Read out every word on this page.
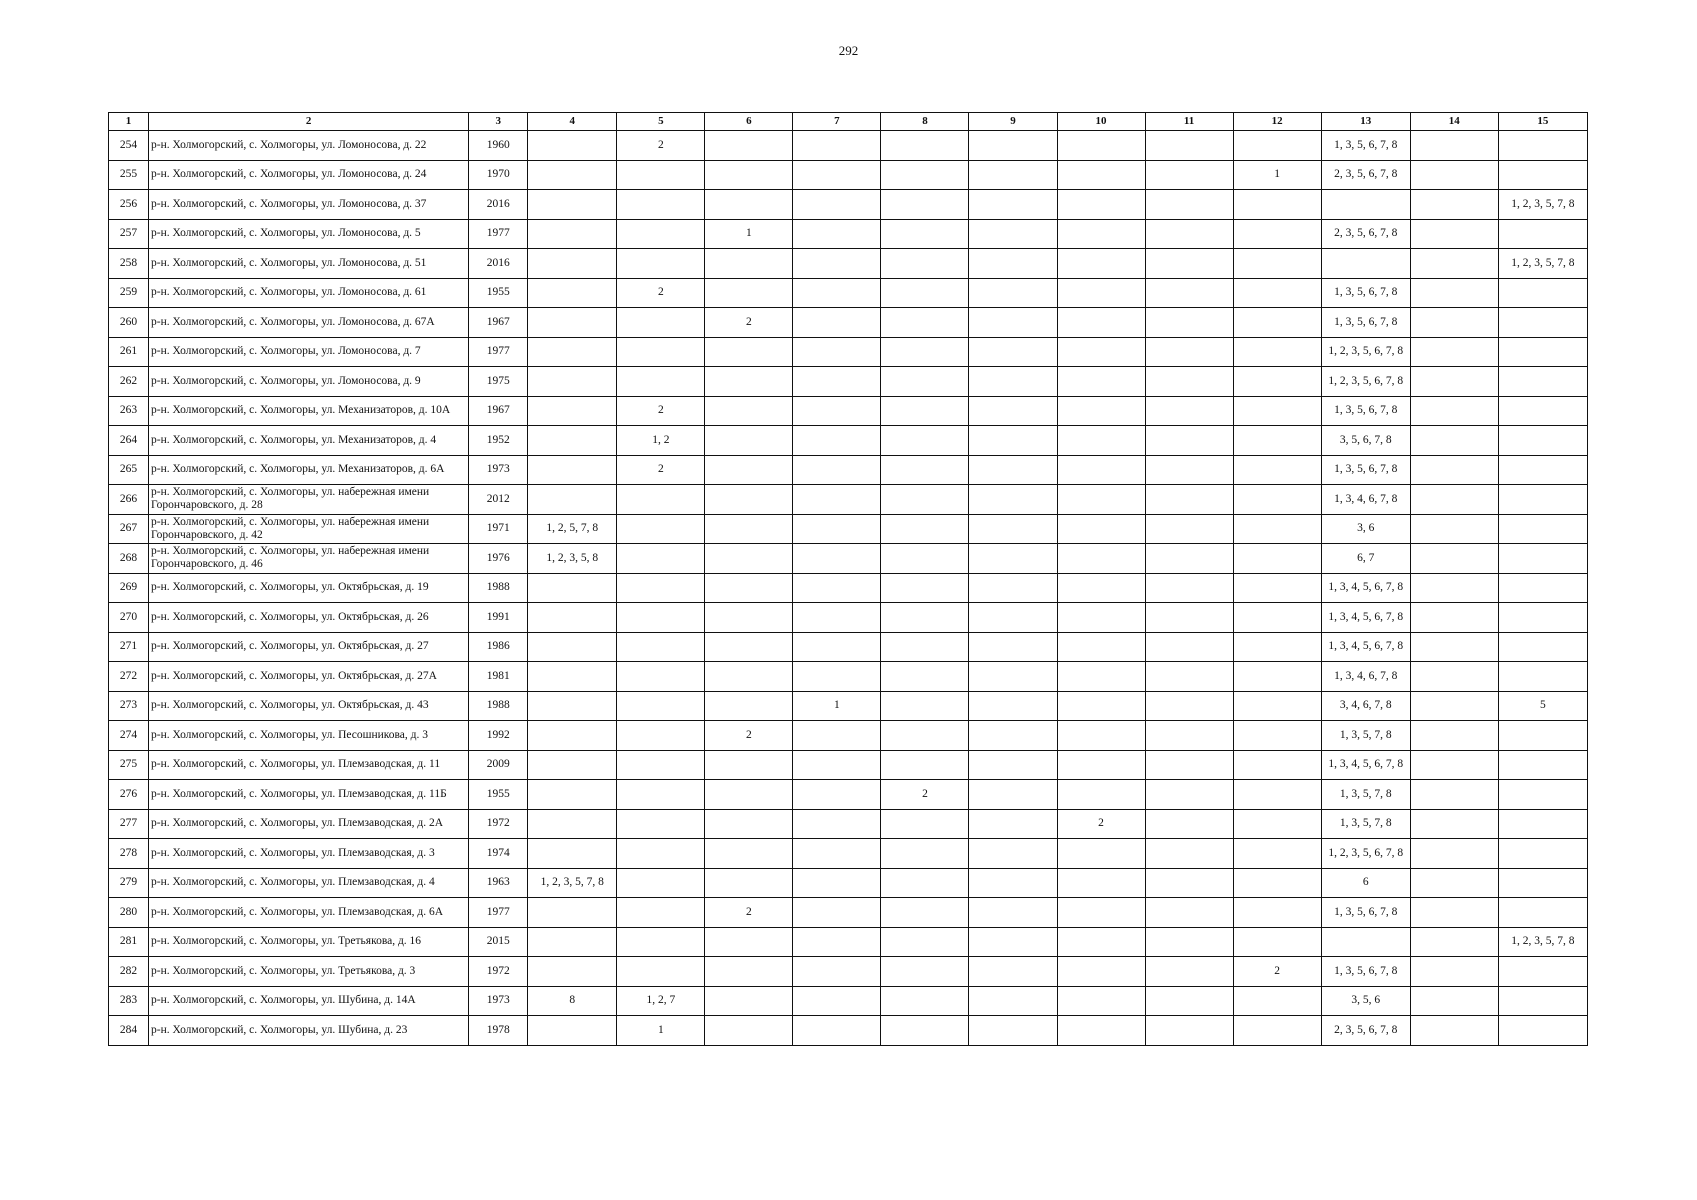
292
1	2	3	4	5	6	7	8	9	10	11	12	13	14	15
254	р-н. Холмогорский, с. Холмогоры, ул. Ломоносова, д. 22	1960		2								1, 3, 5, 6, 7, 8		
255	р-н. Холмогорский, с. Холмогоры, ул. Ломоносова, д. 24	1970									1	2, 3, 5, 6, 7, 8		
256	р-н. Холмогорский, с. Холмогоры, ул. Ломоносова, д. 37	2016												1, 2, 3, 5, 7, 8
257	р-н. Холмогорский, с. Холмогоры, ул. Ломоносова, д. 5	1977			1							2, 3, 5, 6, 7, 8		
258	р-н. Холмогорский, с. Холмогоры, ул. Ломоносова, д. 51	2016												1, 2, 3, 5, 7, 8
259	р-н. Холмогорский, с. Холмогоры, ул. Ломоносова, д. 61	1955		2								1, 3, 5, 6, 7, 8		
260	р-н. Холмогорский, с. Холмогоры, ул. Ломоносова, д. 67А	1967			2							1, 3, 5, 6, 7, 8		
261	р-н. Холмогорский, с. Холмогоры, ул. Ломоносова, д. 7	1977										1, 2, 3, 5, 6, 7, 8		
262	р-н. Холмогорский, с. Холмогоры, ул. Ломоносова, д. 9	1975										1, 2, 3, 5, 6, 7, 8		
263	р-н. Холмогорский, с. Холмогоры, ул. Механизаторов, д. 10А	1967		2								1, 3, 5, 6, 7, 8		
264	р-н. Холмогорский, с. Холмогоры, ул. Механизаторов, д. 4	1952		1, 2								3, 5, 6, 7, 8		
265	р-н. Холмогорский, с. Холмогоры, ул. Механизаторов, д. 6А	1973		2								1, 3, 5, 6, 7, 8		
266	р-н. Холмогорский, с. Холмогоры, ул. набережная имени Горончаровского, д. 28	2012										1, 3, 4, 6, 7, 8		
267	р-н. Холмогорский, с. Холмогоры, ул. набережная имени Горончаровского, д. 42	1971	1, 2, 5, 7, 8									3, 6		
268	р-н. Холмогорский, с. Холмогоры, ул. набережная имени Горончаровского, д. 46	1976	1, 2, 3, 5, 8									6, 7		
269	р-н. Холмогорский, с. Холмогоры, ул. Октябрьская, д. 19	1988										1, 3, 4, 5, 6, 7, 8		
270	р-н. Холмогорский, с. Холмогоры, ул. Октябрьская, д. 26	1991										1, 3, 4, 5, 6, 7, 8		
271	р-н. Холмогорский, с. Холмогоры, ул. Октябрьская, д. 27	1986										1, 3, 4, 5, 6, 7, 8		
272	р-н. Холмогорский, с. Холмогоры, ул. Октябрьская, д. 27А	1981										1, 3, 4, 6, 7, 8		
273	р-н. Холмогорский, с. Холмогоры, ул. Октябрьская, д. 43	1988				1						3, 4, 6, 7, 8		5
274	р-н. Холмогорский, с. Холмогоры, ул. Песошникова, д. 3	1992			2							1, 3, 5, 7, 8		
275	р-н. Холмогорский, с. Холмогоры, ул. Племзаводская, д. 11	2009										1, 3, 4, 5, 6, 7, 8		
276	р-н. Холмогорский, с. Холмогоры, ул. Племзаводская, д. 11Б	1955					2					1, 3, 5, 7, 8		
277	р-н. Холмогорский, с. Холмогоры, ул. Племзаводская, д. 2А	1972							2			1, 3, 5, 7, 8		
278	р-н. Холмогорский, с. Холмогоры, ул. Племзаводская, д. 3	1974										1, 2, 3, 5, 6, 7, 8		
279	р-н. Холмогорский, с. Холмогоры, ул. Племзаводская, д. 4	1963	1, 2, 3, 5, 7, 8									6		
280	р-н. Холмогорский, с. Холмогоры, ул. Племзаводская, д. 6А	1977			2							1, 3, 5, 6, 7, 8		
281	р-н. Холмогорский, с. Холмогоры, ул. Третьякова, д. 16	2015												1, 2, 3, 5, 7, 8
282	р-н. Холмогорский, с. Холмогоры, ул. Третьякова, д. 3	1972									2	1, 3, 5, 6, 7, 8		
283	р-н. Холмогорский, с. Холмогоры, ул. Шубина, д. 14А	1973	8	1, 2, 7								3, 5, 6		
284	р-н. Холмогорский, с. Холмогоры, ул. Шубина, д. 23	1978		1								2, 3, 5, 6, 7, 8		
